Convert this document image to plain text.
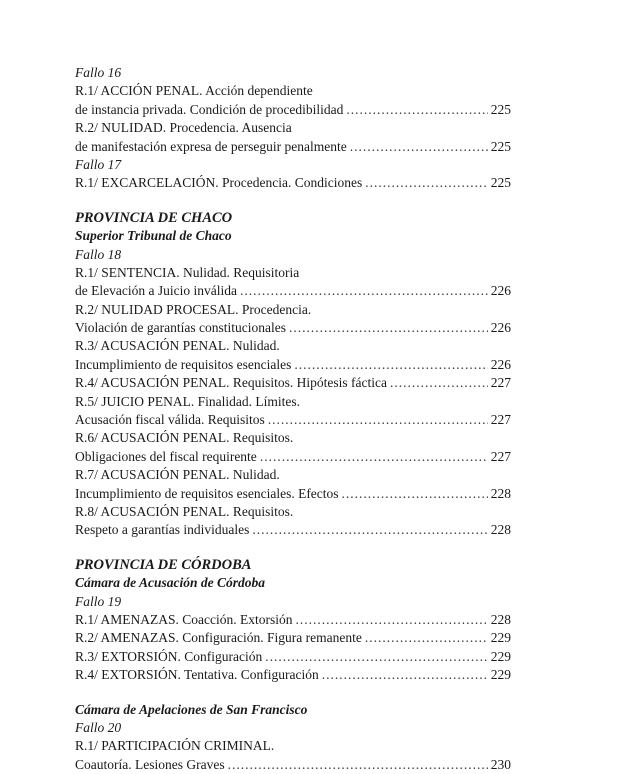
Fallo 16
R.1/ ACCIÓN PENAL. Acción dependiente
de instancia privada. Condición de procedibilidad .....	225
R.2/ NULIDAD. Procedencia. Ausencia
de manifestación expresa de perseguir penalmente .....	225
Fallo 17
R.1/ EXCARCELACIÓN. Procedencia. Condiciones .....	225
PROVINCIA DE CHACO
Superior Tribunal de Chaco
Fallo 18
R.1/ SENTENCIA. Nulidad. Requisitoria
de Elevación a Juicio inválida .....	226
R.2/ NULIDAD PROCESAL. Procedencia.
Violación de garantías constitucionales .....	226
R.3/ ACUSACIÓN PENAL. Nulidad.
Incumplimiento de requisitos esenciales .....	226
R.4/ ACUSACIÓN PENAL. Requisitos. Hipótesis fáctica .....	227
R.5/ JUICIO PENAL. Finalidad. Límites.
Acusación fiscal válida. Requisitos .....	227
R.6/ ACUSACIÓN PENAL. Requisitos.
Obligaciones del fiscal requirente .....	227
R.7/ ACUSACIÓN PENAL. Nulidad.
Incumplimiento de requisitos esenciales. Efectos .....	228
R.8/ ACUSACIÓN PENAL. Requisitos.
Respeto a garantías individuales .....	228
PROVINCIA DE CÓRDOBA
Cámara de Acusación de Córdoba
Fallo 19
R.1/ AMENAZAS. Coacción. Extorsión .....	228
R.2/ AMENAZAS. Configuración. Figura remanente .....	229
R.3/ EXTORSIÓN. Configuración .....	229
R.4/ EXTORSIÓN. Tentativa. Configuración .....	229
Cámara de Apelaciones de San Francisco
Fallo 20
R.1/ PARTICIPACIÓN CRIMINAL.
Coautoría. Lesiones Graves .....	230
